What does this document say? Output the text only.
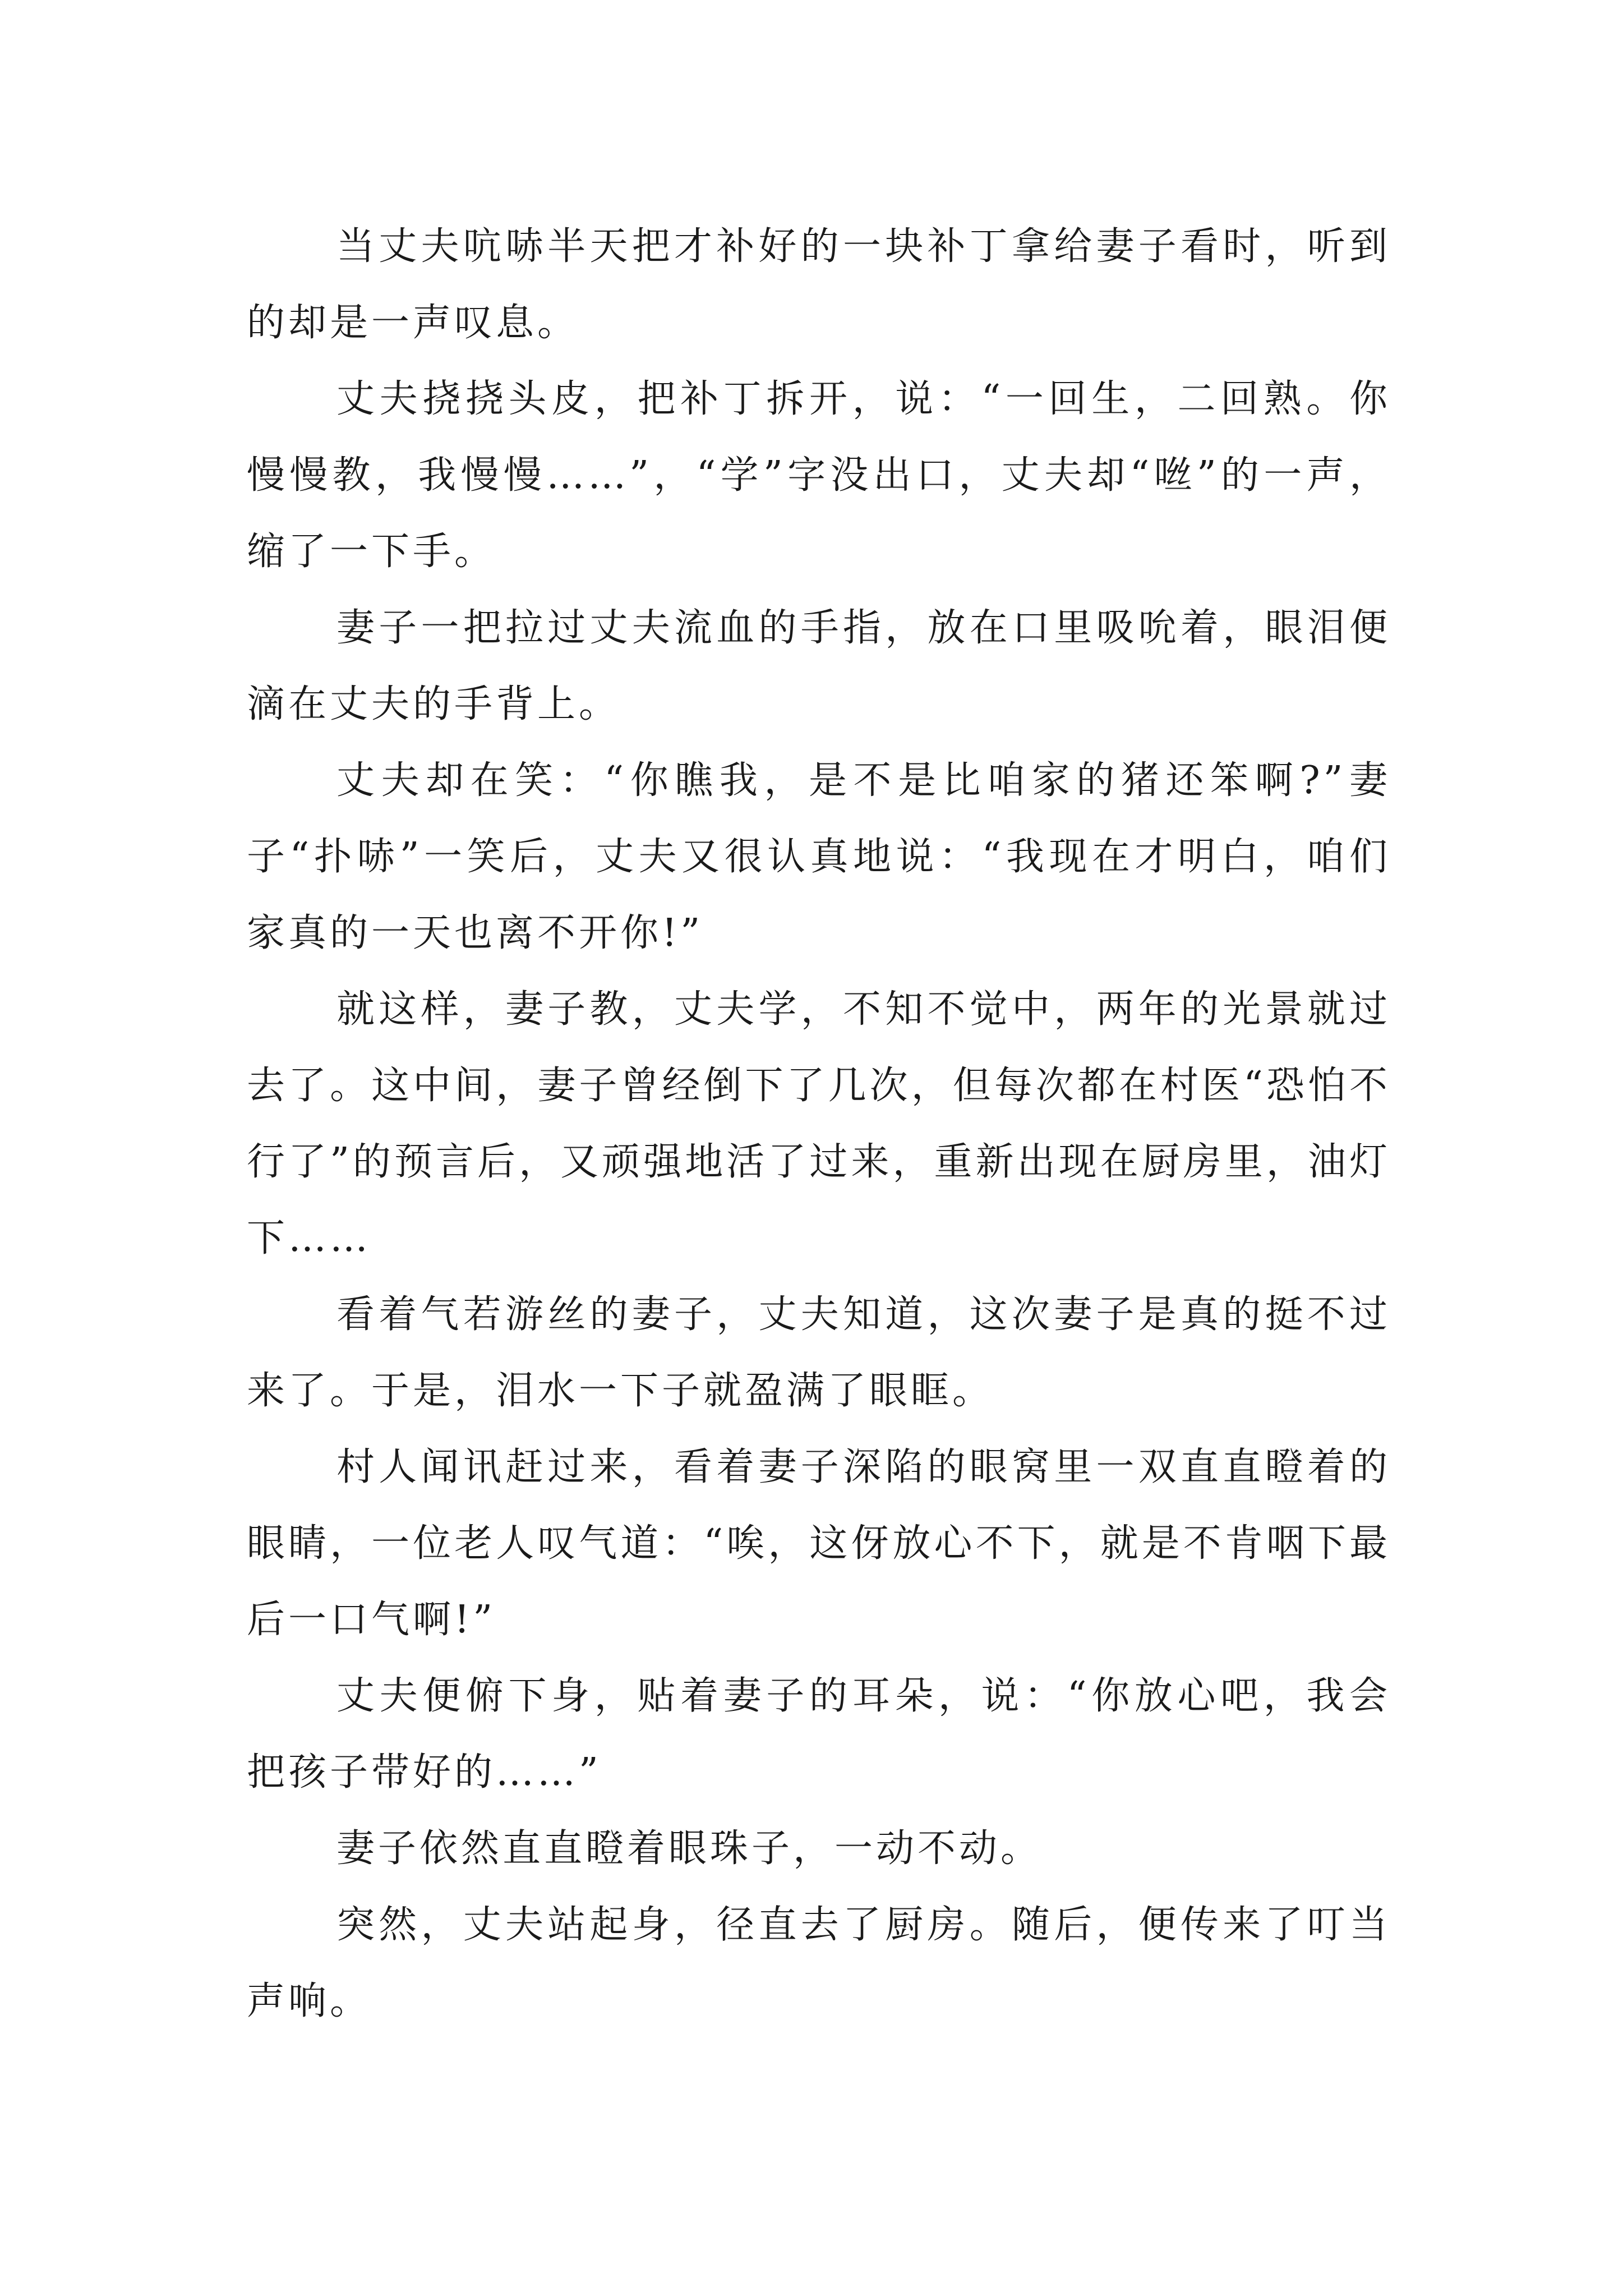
当丈夫吭哧半天把才补好的一块补丁拿给妻子看时，听到的却是一声叹息。

丈夫挠挠头皮，把补丁拆开，说：“一回生，二回熟。你慢慢教，我慢慢……”，“学”字没出口，丈夫却“咝”的一声，缩了一下手。

妻子一把拉过丈夫流血的手指，放在口里吸吮着，眼泪便滴在丈夫的手背上。

丈夫却在笑：“你瞧我，是不是比咱家的猪还笨啊?”妻子“扑哧”一笑后，丈夫又很认真地说：“我现在才明白，咱们家真的一天也离不开你!”

就这样，妻子教，丈夫学，不知不觉中，两年的光景就过去了。这中间，妻子曾经倒下了几次，但每次都在村医“恐怕不行了”的预言后，又顽强地活了过来，重新出现在厨房里，油灯下……

看着气若游丝的妻子，丈夫知道，这次妻子是真的挺不过来了。于是，泪水一下子就盈满了眼眶。

村人闻讯赶过来，看着妻子深陷的眼窝里一双直直瞪着的眼睛，一位老人叹气道：“唉，这伢放心不下，就是不肯咽下最后一口气啊!”

丈夫便俯下身，贴着妻子的耳朵，说：“你放心吧，我会把孩子带好的……”

妻子依然直直瞪着眼珠子，一动不动。

突然，丈夫站起身，径直去了厨房。随后，便传来了叮当声响。
